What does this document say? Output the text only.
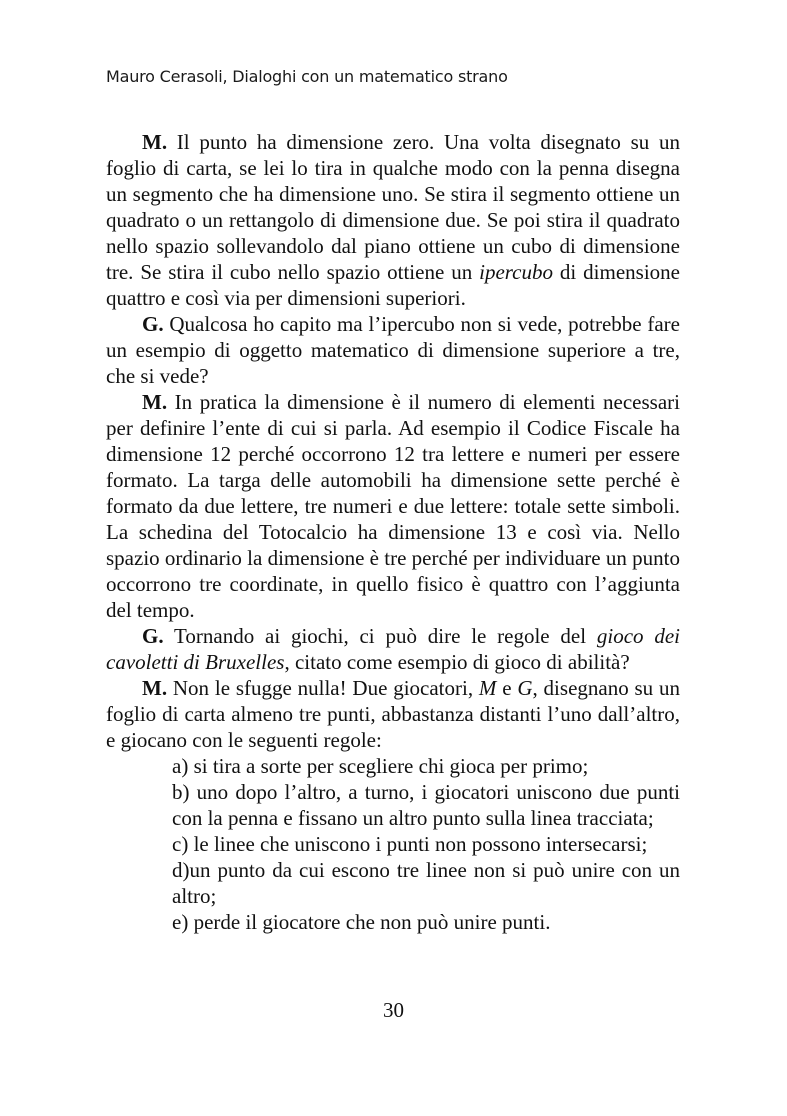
Mauro Cerasoli, Dialoghi con un matematico strano

M. Il punto ha dimensione zero. Una volta disegnato su un foglio di carta, se lei lo tira in qualche modo con la penna disegna un segmento che ha dimensione uno. Se stira il segmento ottiene un quadrato o un rettangolo di dimensione due. Se poi stira il quadrato nello spazio sollevandolo dal piano ottiene un cubo di dimensione tre. Se stira il cubo nello spazio ottiene un ipercubo di dimensione quattro e così via per dimensioni superiori.

G. Qualcosa ho capito ma l’ipercubo non si vede, potrebbe fare un esempio di oggetto matematico di dimensione superiore a tre, che si vede?

M. In pratica la dimensione è il numero di elementi necessari per definire l’ente di cui si parla. Ad esempio il Codice Fiscale ha dimensione 12 perché occorrono 12 tra lettere e numeri per essere formato. La targa delle automobili ha dimensione sette perché è formato da due lettere, tre numeri e due lettere: totale sette simboli. La schedina del Totocalcio ha dimensione 13 e così via. Nello spazio ordinario la dimensione è tre perché per individuare un punto occorrono tre coordinate, in quello fisico è quattro con l’aggiunta del tempo.

G. Tornando ai giochi, ci può dire le regole del gioco dei cavoletti di Bruxelles, citato come esempio di gioco di abilità?

M. Non le sfugge nulla! Due giocatori, M e G, disegnano su un foglio di carta almeno tre punti, abbastanza distanti l’uno dall’altro, e giocano con le seguenti regole:

a) si tira a sorte per scegliere chi gioca per primo;
b) uno dopo l’altro, a turno, i giocatori uniscono due punti con la penna e fissano un altro punto sulla linea tracciata;
c) le linee che uniscono i punti non possono intersecarsi;
d)un punto da cui escono tre linee non si può unire con un altro;
e) perde il giocatore che non può unire punti.
30
